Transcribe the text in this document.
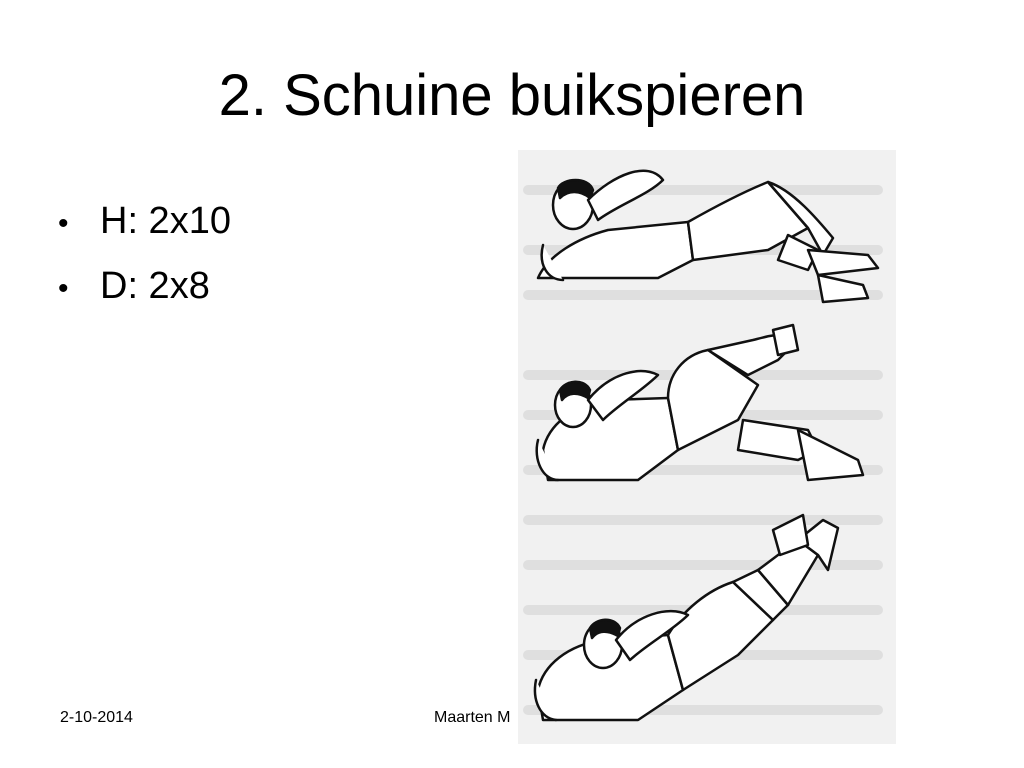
2. Schuine buikspieren
• H: 2x10
• D: 2x8
2-10-2014	Maarten M
